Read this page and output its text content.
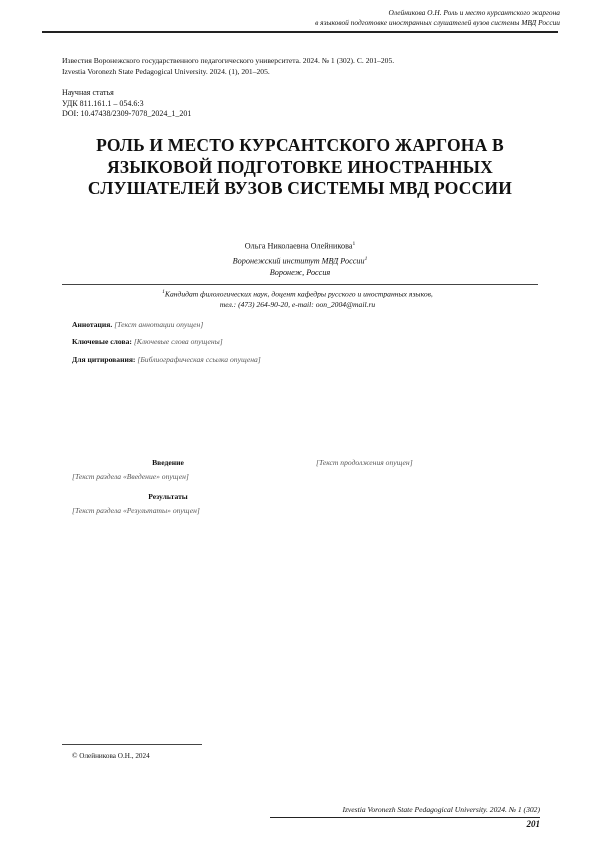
Олейникова О.Н. Роль и место курсантского жаргона
в языковой подготовке иностранных слушателей вузов системы МВД России
Известия Воронежского государственного педагогического университета. 2024. № 1 (302). С. 201–205.
Izvestia Voronezh State Pedagogical University. 2024. (1), 201–205.
Научная статья
УДК 811.161.1 – 054.6:3
DOI: 10.47438/2309-7078_2024_1_201
РОЛЬ И МЕСТО КУРСАНТСКОГО ЖАРГОНА В ЯЗЫКОВОЙ ПОДГОТОВКЕ ИНОСТРАННЫХ СЛУШАТЕЛЕЙ ВУЗОВ СИСТЕМЫ МВД РОССИИ
Ольга Николаевна Олейникова$^1$
Воронежский институт МВД России$^1$
Воронеж, Россия
$^1$Кандидат филологических наук, доцент кафедры русского и иностранных языков,
тел.: (473) 264-90-20, e-mail: oon_2004@mail.ru

Аннотация. [Текст аннотации опущен]

Ключевые слова: [Ключевые слова опущены]

Для цитирования: [Библиографическая ссылка опущена]

Введение

[Текст раздела «Введение» опущен]

Результаты

[Текст раздела «Результаты» опущен]

[Текст продолжения опущен]

© Олейникова О.Н., 2024
Izvestia Voronezh State Pedagogical University. 2024. № 1 (302)
201
